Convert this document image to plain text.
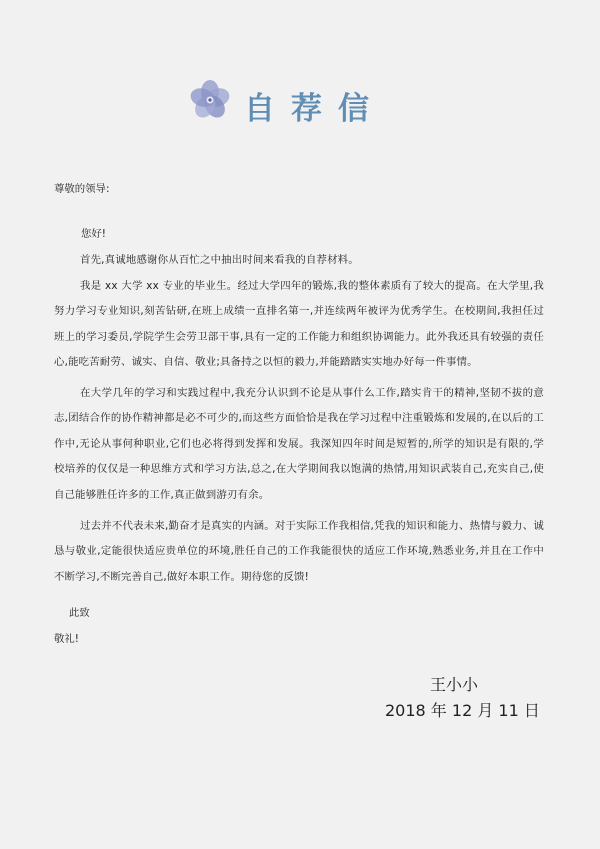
自荐信
尊敬的领导:
您好!
首先,真诚地感谢你从百忙之中抽出时间来看我的自荐材料。
我是 xx 大学 xx 专业的毕业生。经过大学四年的锻炼,我的整体素质有了较大的提高。在大学里,我努力学习专业知识,刻苦钻研,在班上成绩一直排名第一,并连续两年被评为优秀学生。在校期间,我担任过班上的学习委员,学院学生会劳卫部干事,具有一定的工作能力和组织协调能力。此外我还具有较强的责任心,能吃苦耐劳、诚实、自信、敬业;具备持之以恒的毅力,并能踏踏实实地办好每一件事情。
在大学几年的学习和实践过程中,我充分认识到不论是从事什么工作,踏实肯干的精神,坚韧不拔的意志,团结合作的协作精神都是必不可少的,而这些方面恰恰是我在学习过程中注重锻炼和发展的,在以后的工作中,无论从事何种职业,它们也必将得到发挥和发展。我深知四年时间是短暂的,所学的知识是有限的,学校培养的仅仅是一种思维方式和学习方法,总之,在大学期间我以饱满的热情,用知识武装自己,充实自己,使自己能够胜任许多的工作,真正做到游刃有余。
过去并不代表未来,勤奋才是真实的内涵。对于实际工作我相信,凭我的知识和能力、热情与毅力、诚恳与敬业,定能很快适应贵单位的环境,胜任自己的工作我能很快的适应工作环境,熟悉业务,并且在工作中不断学习,不断完善自己,做好本职工作。期待您的反馈!
此致
敬礼!
王小小
2018 年 12 月 11 日
